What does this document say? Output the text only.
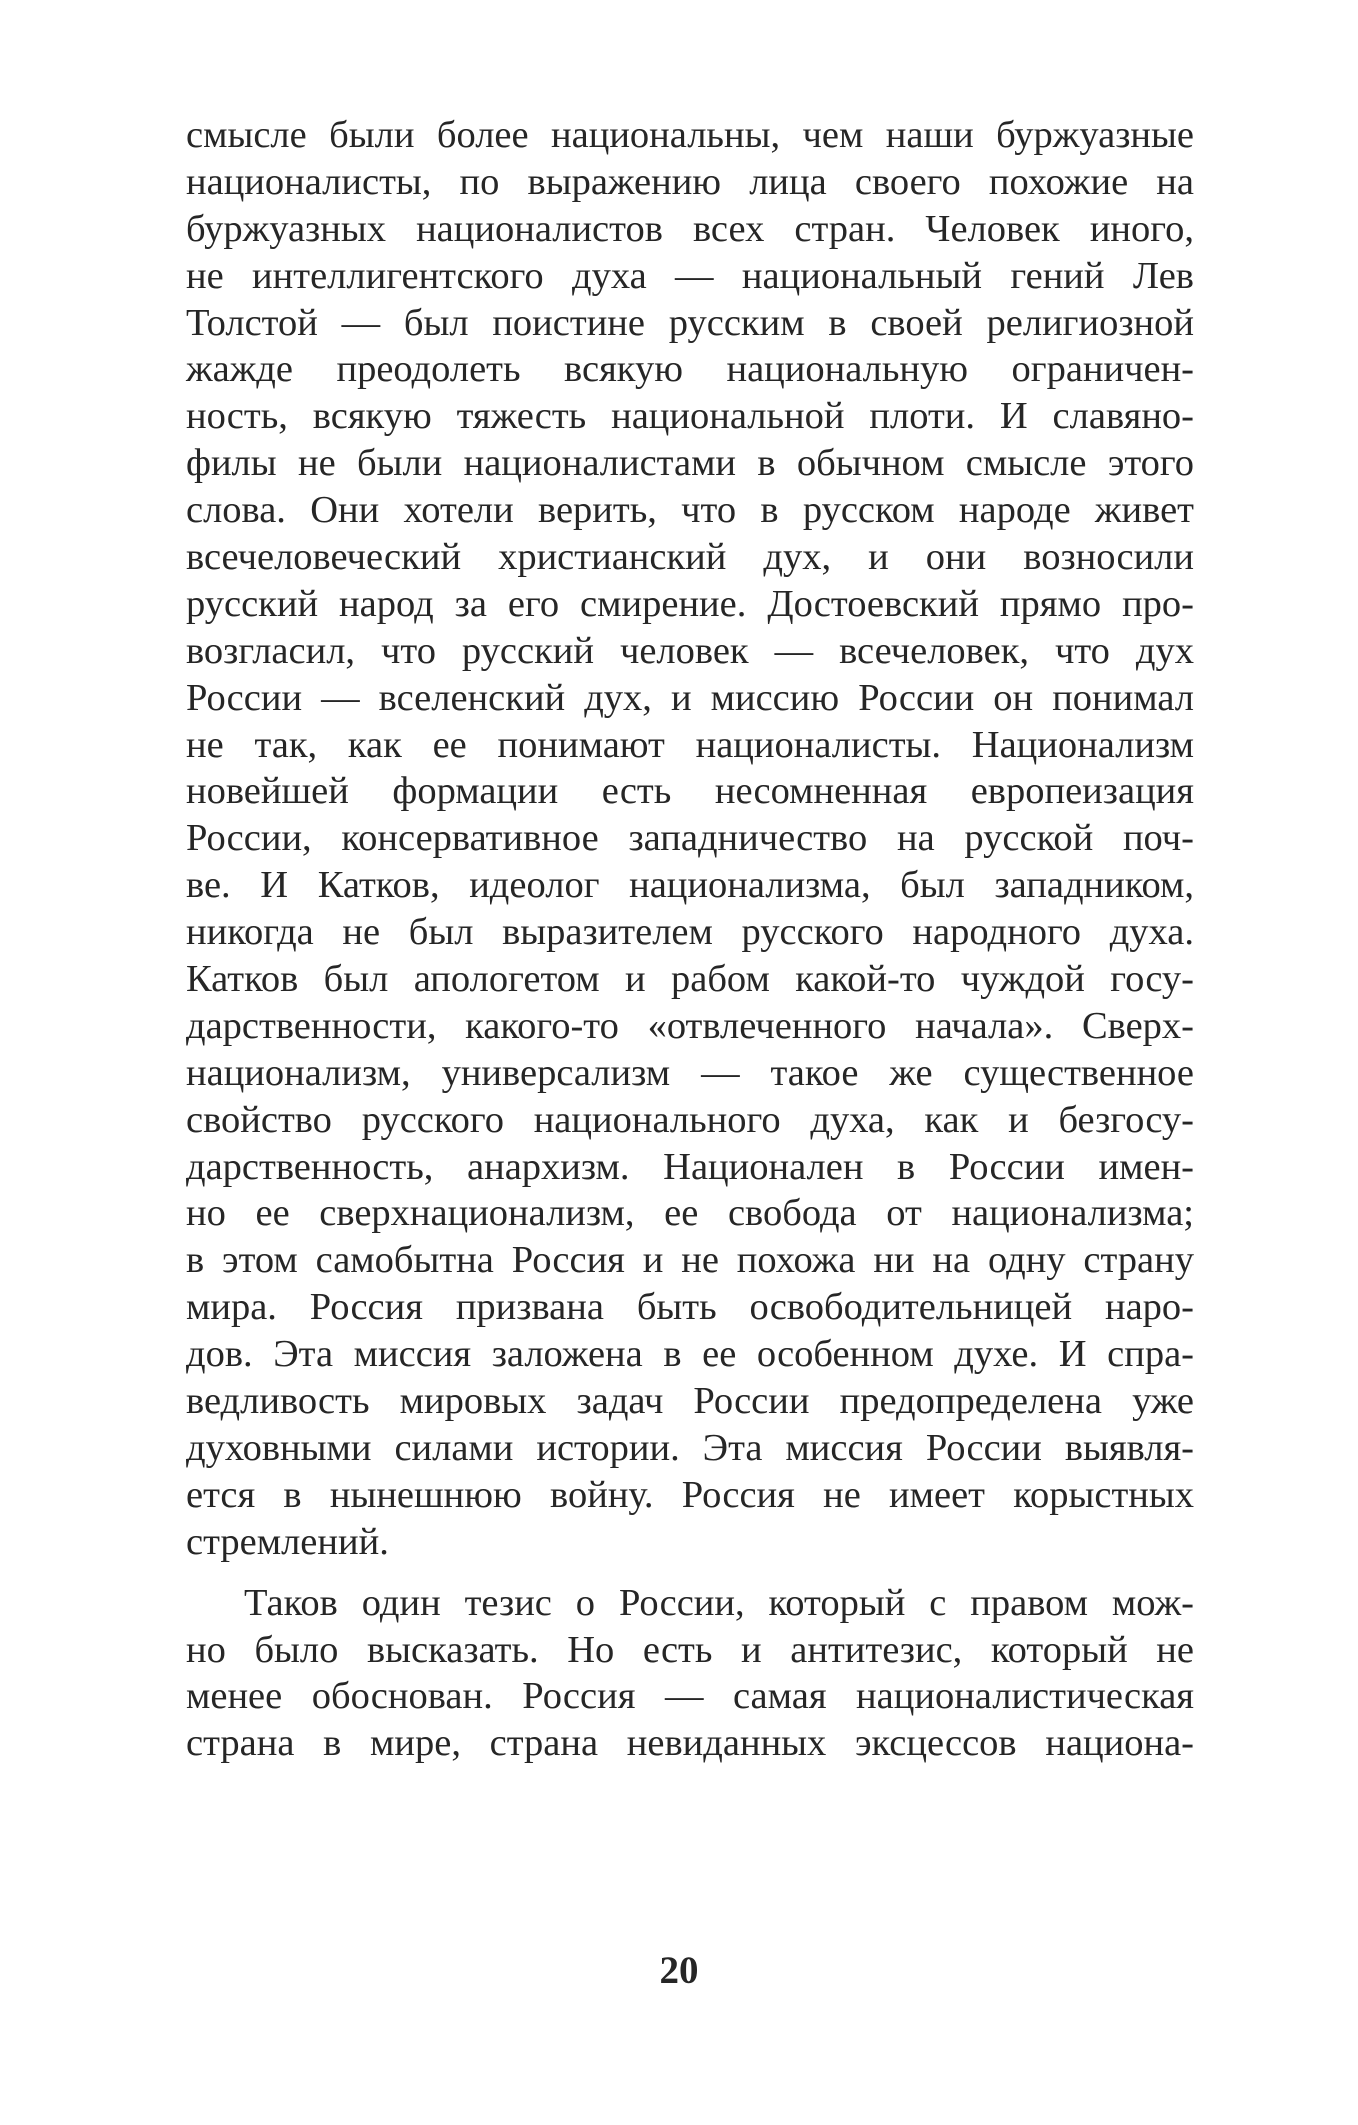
смысле были более национальны, чем наши буржуазные
националисты, по выражению лица своего похожие на
буржуазных националистов всех стран. Человек иного,
не интеллигентского духа — национальный гений Лев
Толстой — был поистине русским в своей религиозной
жажде преодолеть всякую национальную ограничен-
ность, всякую тяжесть национальной плоти. И славяно-
филы не были националистами в обычном смысле этого
слова. Они хотели верить, что в русском народе живет
всечеловеческий христианский дух, и они возносили
русский народ за его смирение. Достоевский прямо про-
возгласил, что русский человек — всечеловек, что дух
России — вселенский дух, и миссию России он понимал
не так, как ее понимают националисты. Национализм
новейшей формации есть несомненная европеизация
России, консервативное западничество на русской поч-
ве. И Катков, идеолог национализма, был западником,
никогда не был выразителем русского народного духа.
Катков был апологетом и рабом какой-то чуждой госу-
дарственности, какого-то «отвлеченного начала». Сверх-
национализм, универсализм — такое же существенное
свойство русского национального духа, как и безгосу-
дарственность, анархизм. Национален в России имен-
но ее сверхнационализм, ее свобода от национализма;
в этом самобытна Россия и не похожа ни на одну страну
мира. Россия призвана быть освободительницей наро-
дов. Эта миссия заложена в ее особенном духе. И спра-
ведливость мировых задач России предопределена уже
духовными силами истории. Эта миссия России выявля-
ется в нынешнюю войну. Россия не имеет корыстных
стремлений.
Таков один тезис о России, который с правом мож-
но было высказать. Но есть и антитезис, который не
менее обоснован. Россия — самая националистическая
страна в мире, страна невиданных эксцессов национа-
20
